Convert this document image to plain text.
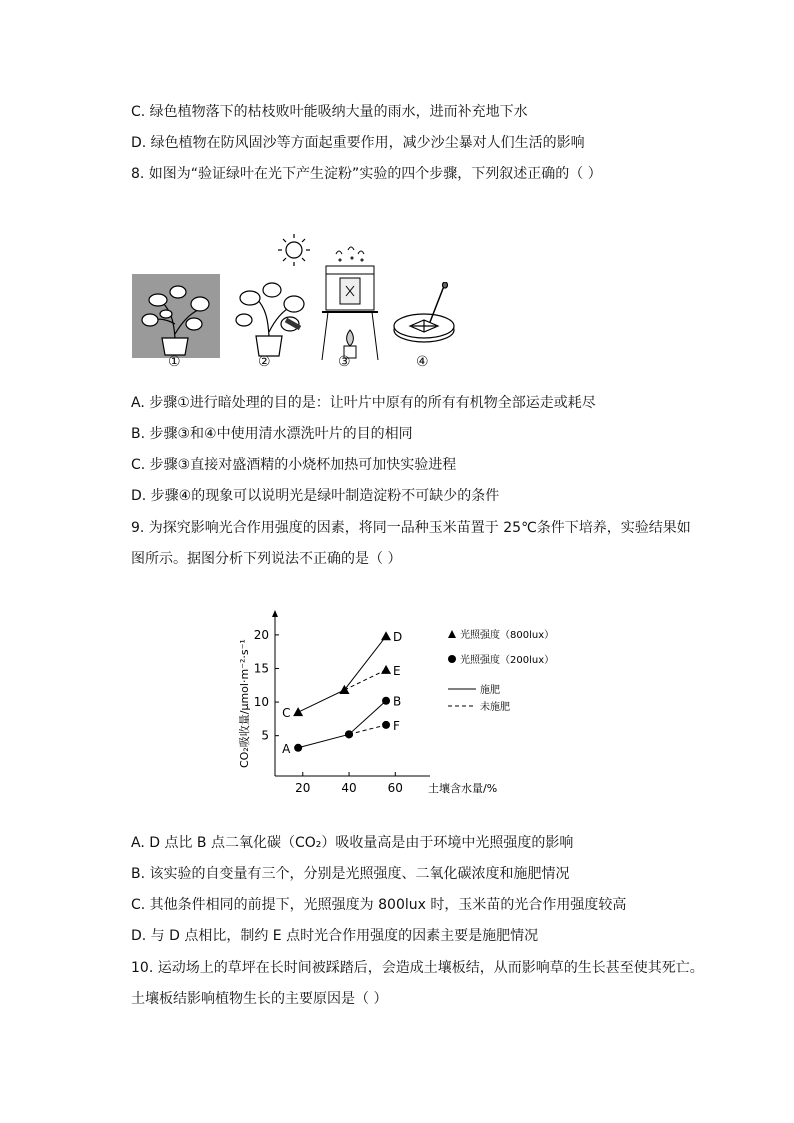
C. 绿色植物落下的枯枝败叶能吸纳大量的雨水，进而补充地下水
D. 绿色植物在防风固沙等方面起重要作用，减少沙尘暴对人们生活的影响
8. 如图为“验证绿叶在光下产生淀粉”实验的四个步骤，下列叙述正确的（ ）
①	②	③	④
A. 步骤①进行暗处理的目的是：让叶片中原有的所有有机物全部运走或耗尽
B. 步骤③和④中使用清水漂洗叶片的目的相同
C. 步骤③直接对盛酒精的小烧杯加热可加快实验进程
D. 步骤④的现象可以说明光是绿叶制造淀粉不可缺少的条件
9. 为探究影响光合作用强度的因素，将同一品种玉米苗置于 25℃条件下培养，实验结果如
图所示。据图分析下列说法不正确的是（ ）
20	40	60
5
10
15
20
土壤含水量/%
CO₂吸收量/μmol·m⁻²·s⁻¹	C
D
E
A
B
F
光照强度（800lux）
光照强度（200lux）
施肥
未施肥
A. D 点比 B 点二氧化碳（CO₂）吸收量高是由于环境中光照强度的影响
B. 该实验的自变量有三个，分别是光照强度、二氧化碳浓度和施肥情况
C. 其他条件相同的前提下，光照强度为 800lux 时，玉米苗的光合作用强度较高
D. 与 D 点相比，制约 E 点时光合作用强度的因素主要是施肥情况
10. 运动场上的草坪在长时间被踩踏后，会造成土壤板结，从而影响草的生长甚至使其死亡。
土壤板结影响植物生长的主要原因是（ ）
